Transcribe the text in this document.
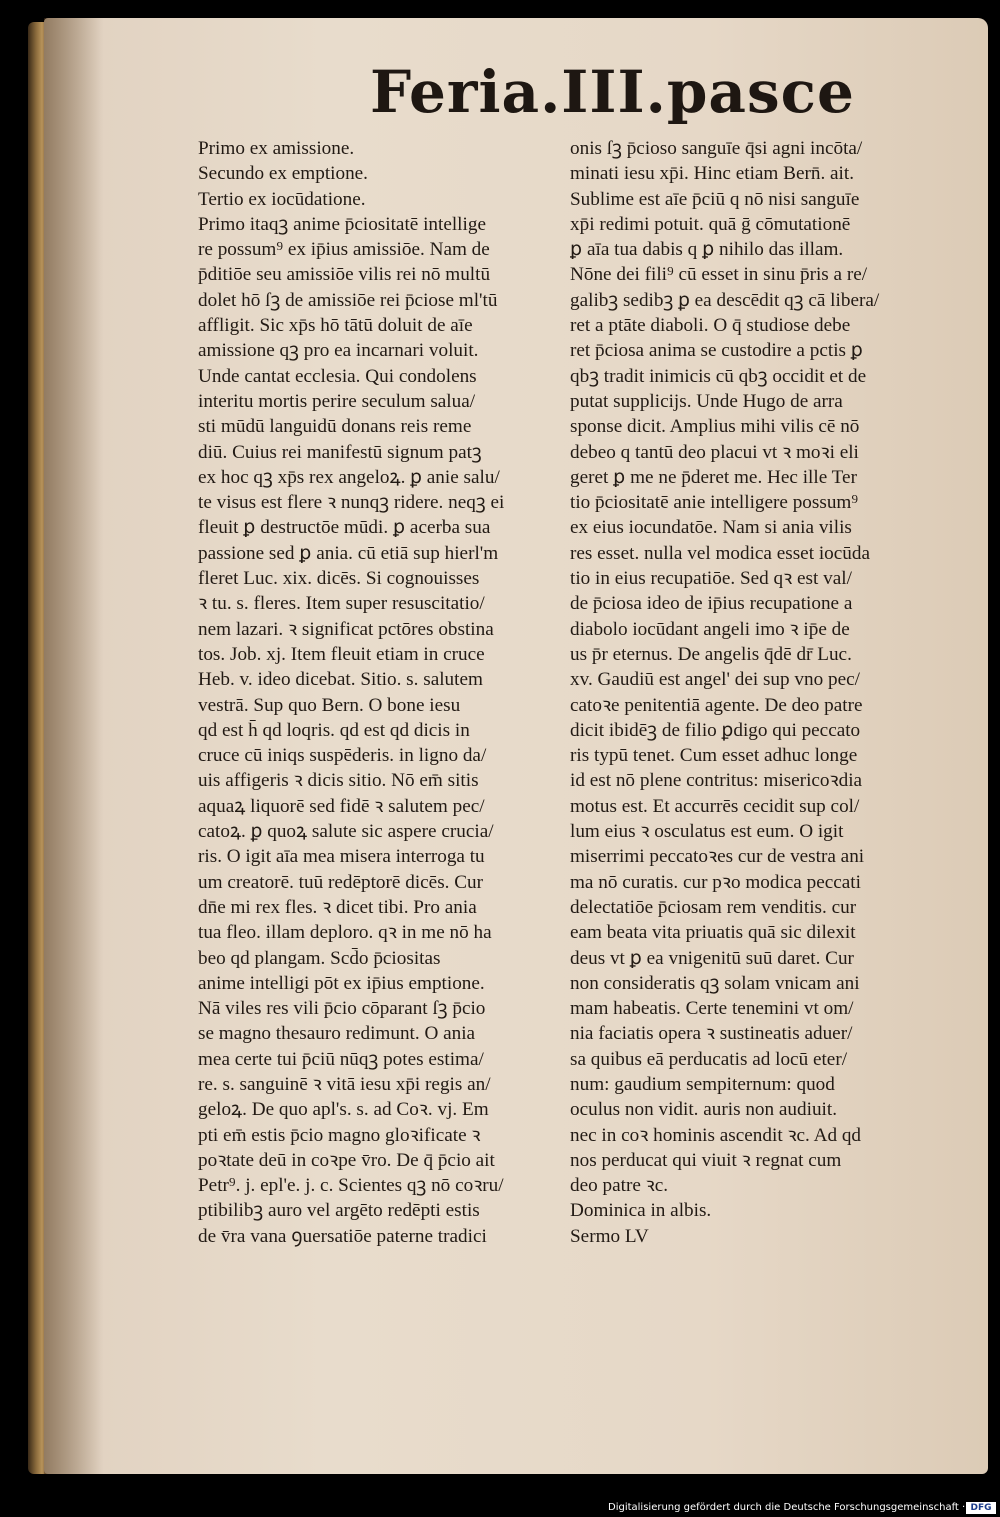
Feria.III.pasce
Primo ex amissione.
Secundo ex emptione.
Tertio ex iocūdatione.
Primo itaqꝫ anime p̄ciositatē intellige
re possum⁹ ex ip̄ius amissiōe. Nam de
p̄ditiōe seu amissiōe vilis rei nō multū
dolet hō ſꝫ de amissiōe rei p̄ciose ml'tū
affligit. Sic xp̄s hō tātū doluit de aīe
amissione qꝫ pro ea incarnari voluit.
Unde cantat ecclesia. Qui condolens
interitu mortis perire seculum salua/
sti mūdū languidū donans reis reme
diū. Cuius rei manifestū signum patꝫ
ex hoc qꝫ xp̄s rex angeloꝝ. ꝑ anie salu/
te visus est flere ꝛ nunqꝫ ridere. neqꝫ ei
fleuit ꝑ destructōe mūdi. ꝑ acerba sua
passione sed ꝑ ania. cū etiā sup hierl'm
fleret Luc. xix. dicēs. Si cognouisses
ꝛ tu. s. fleres. Item super resuscitatio/
nem lazari. ꝛ significat pctōres obstina
tos. Job. xj. Item fleuit etiam in cruce
Heb. v. ideo dicebat. Sitio. s. salutem
vestrā. Sup quo Bern. O bone iesu
qd est h̄ qd loqris. qd est qd dicis in
cruce cū iniqs suspēderis. in ligno da/
uis affigeris ꝛ dicis sitio. Nō em̄ sitis
aquaꝝ liquorē sed fidē ꝛ salutem pec/
catoꝝ. ꝑ quoꝝ salute sic aspere crucia/
ris. O igit aīa mea misera interroga tu
um creatorē. tuū redēptorē dicēs. Cur
dn̄e mi rex fles. ꝛ dicet tibi. Pro ania
tua fleo. illam deploro. qꝛ in me nō ha
beo qd plangam. Scd̄o p̄ciositas
anime intelligi pōt ex ip̄ius emptione.
Nā viles res vili p̄cio cōparant ſꝫ p̄cio
se magno thesauro redimunt. O ania
mea certe tui p̄ciū nūqꝫ potes estima/
re. s. sanguinē ꝛ vitā iesu xp̄i regis an/
geloꝝ. De quo apl's. s. ad Coꝛ. vj. Em
pti em̄ estis p̄cio magno gloꝛificate ꝛ
poꝛtate deū in coꝛpe v̄ro. De q̄ p̄cio ait
Petr⁹. j. epl'e. j. c. Scientes qꝫ nō coꝛru/
ptibilibꝫ auro vel argēto redēpti estis
de v̄ra vana ꝯuersatiōe paterne tradici
onis ſꝫ p̄cioso sanguīe q̄si agni incōta/
minati iesu xp̄i. Hinc etiam Bern̄. ait.
Sublime est aīe p̄ciū q nō nisi sanguīe
xp̄i redimi potuit. quā ḡ cōmutationē
ꝑ aīa tua dabis q ꝑ nihilo das illam.
Nōne dei fili⁹ cū esset in sinu p̄ris a re/
galibꝫ sedibꝫ ꝑ ea descēdit qꝫ cā libera/
ret a ptāte diaboli. O q̄ studiose debe
ret p̄ciosa anima se custodire a pctis ꝑ
qbꝫ tradit inimicis cū qbꝫ occidit et de
putat supplicijs. Unde Hugo de arra
sponse dicit. Amplius mihi vilis cē nō
debeo q tantū deo placui vt ꝛ moꝛi eli
geret ꝑ me ne p̄deret me. Hec ille Ter
tio p̄ciositatē anie intelligere possum⁹
ex eius iocundatōe. Nam si ania vilis
res esset. nulla vel modica esset iocūda
tio in eius recupatiōe. Sed qꝛ est val/
de p̄ciosa ideo de ip̄ius recupatione a
diabolo iocūdant angeli imo ꝛ ip̄e de
us p̄r eternus. De angelis q̄dē dr̄ Luc.
xv. Gaudiū est angel' dei sup vno pec/
catoꝛe penitentiā agente. De deo patre
dicit ibidēꝫ de filio ꝑdigo qui peccato
ris typū tenet. Cum esset adhuc longe
id est nō plene contritus: misericoꝛdia
motus est. Et accurrēs cecidit sup col/
lum eius ꝛ osculatus est eum. O igit
miserrimi peccatoꝛes cur de vestra ani
ma nō curatis. cur pꝛo modica peccati
delectatiōe p̄ciosam rem venditis. cur
eam beata vita priuatis quā sic dilexit
deus vt ꝑ ea vnigenitū suū daret. Cur
non consideratis qꝫ solam vnicam ani
mam habeatis. Certe tenemini vt om/
nia faciatis opera ꝛ sustineatis aduer/
sa quibus eā perducatis ad locū eter/
num: gaudium sempiternum: quod
oculus non vidit. auris non audiuit.
nec in coꝛ hominis ascendit ꝛc. Ad qd
nos perducat qui viuit ꝛ regnat cum
deo patre ꝛc.
Dominica in albis.
Sermo LV
Digitalisierung gefördert durch die Deutsche Forschungsgemeinschaft · DFG
